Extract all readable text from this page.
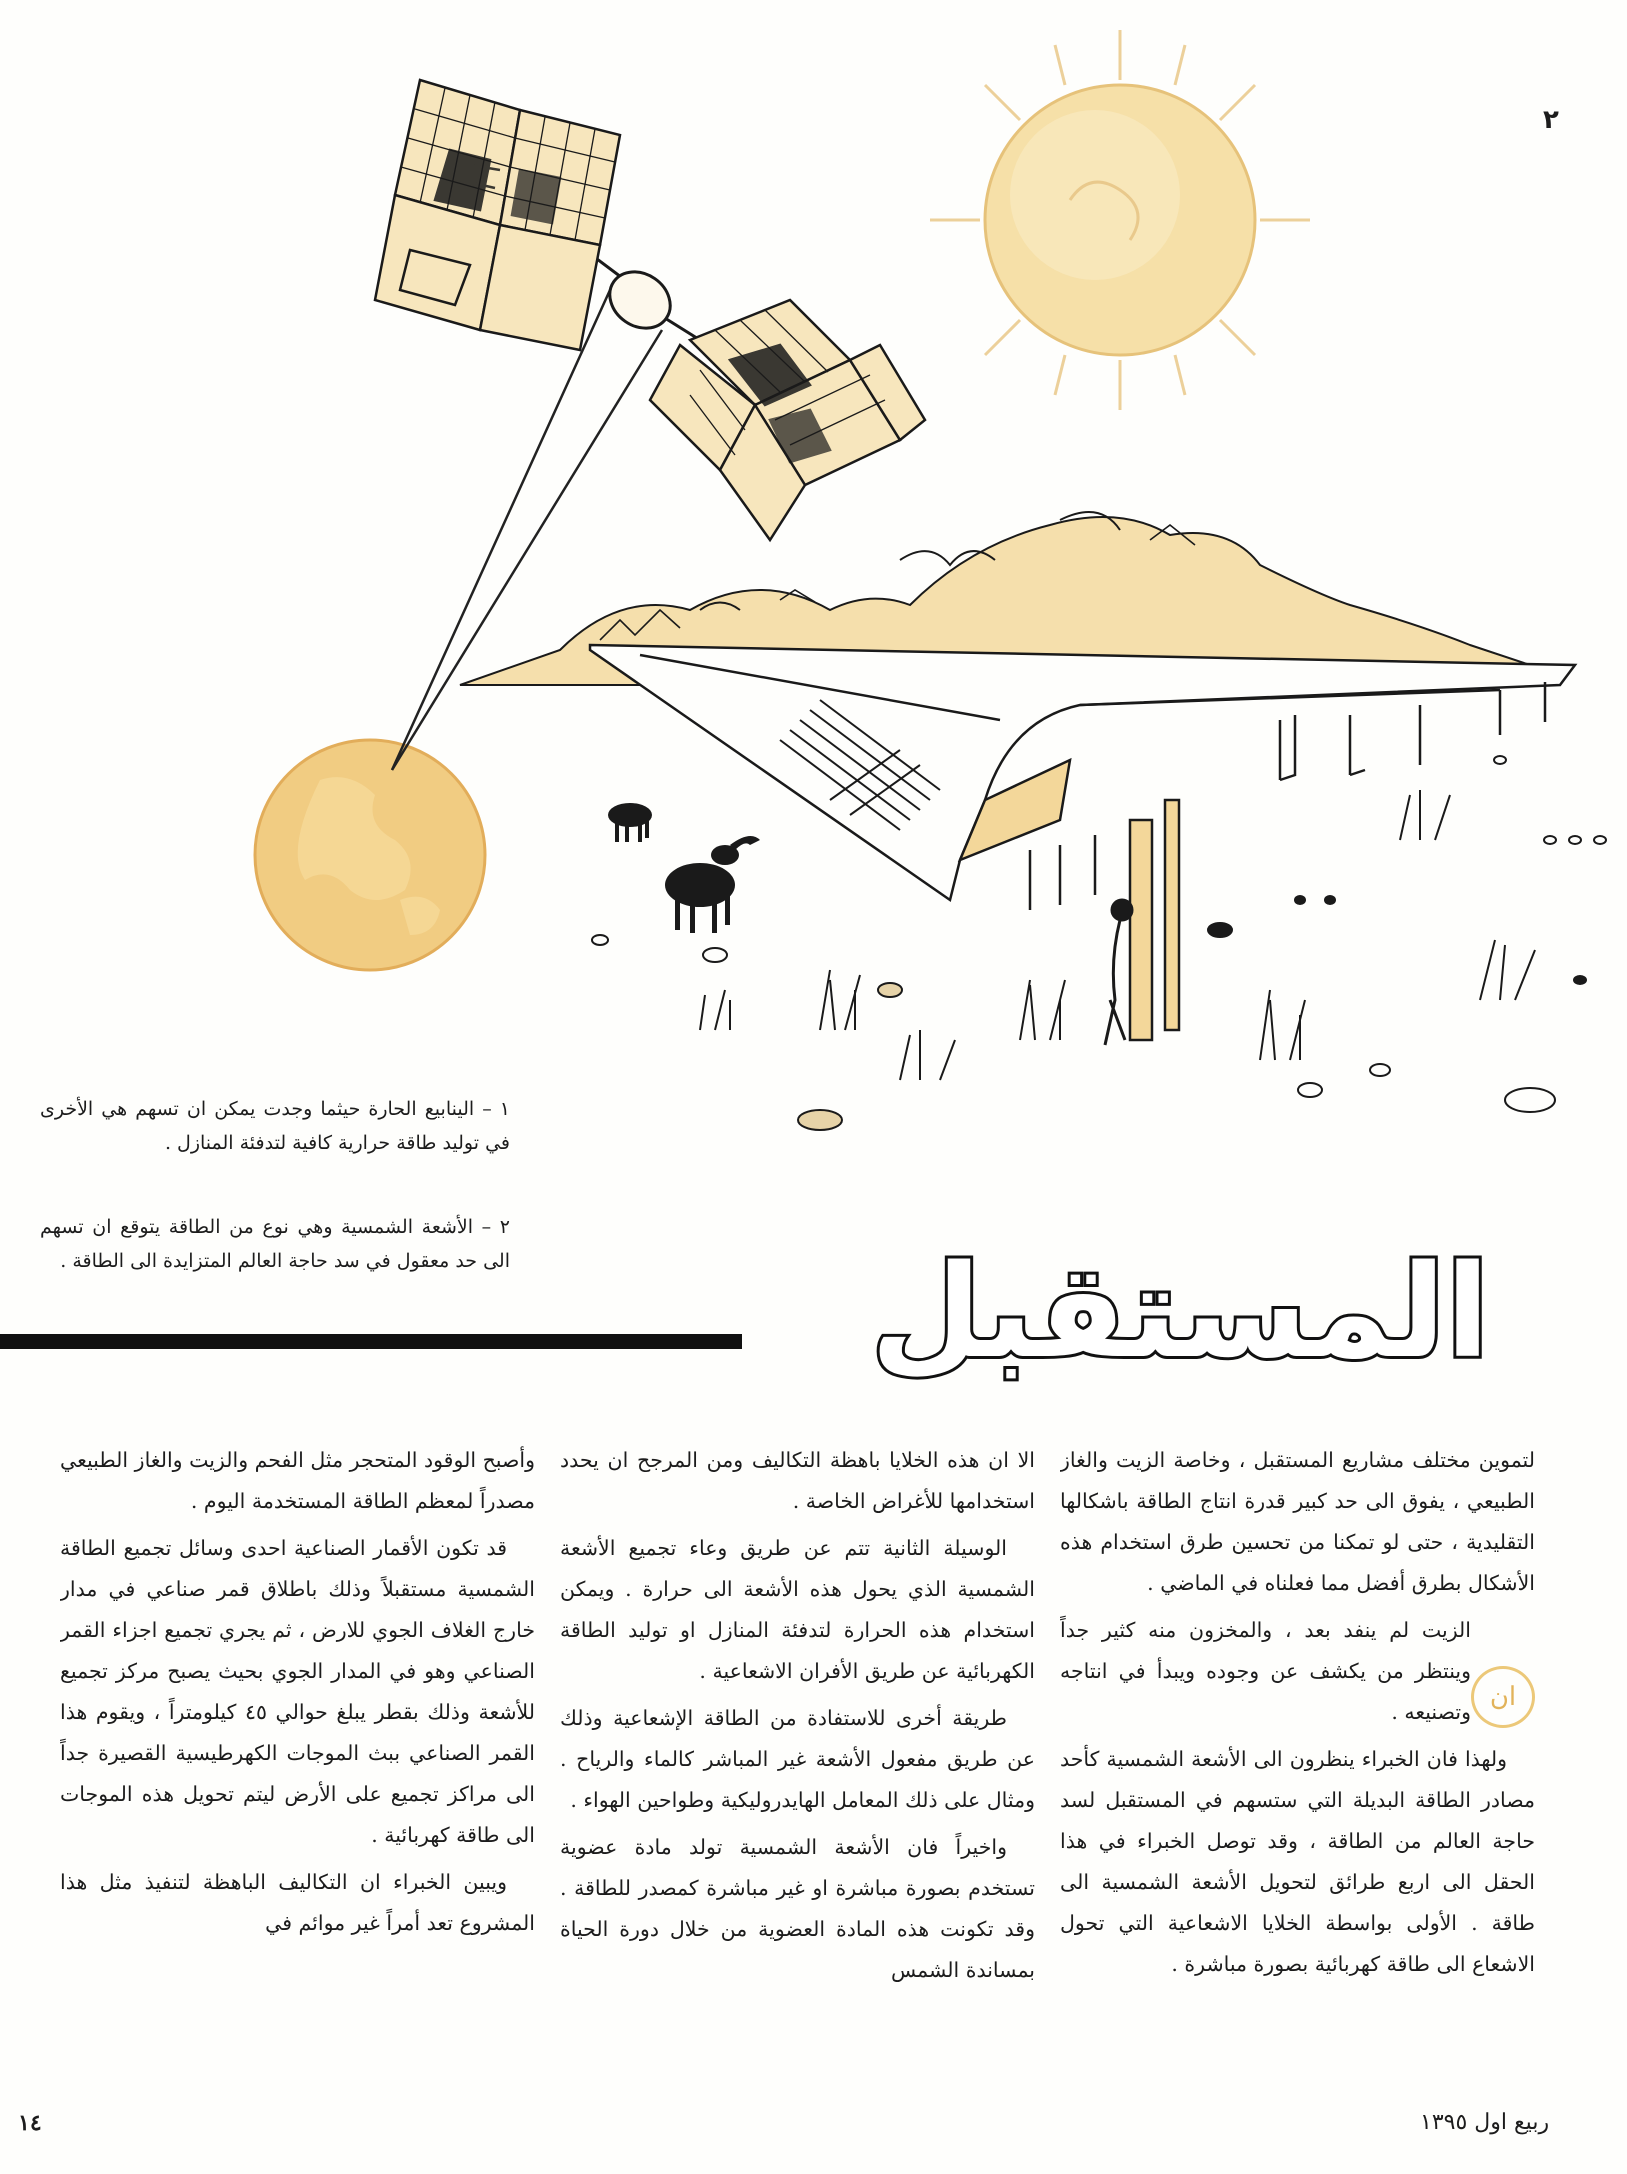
٢
١ – الينابيع الحارة حيثما وجدت يمكن ان تسهم هي الأخرى في توليد طاقة حرارية كافية لتدفئة المنازل .
٢ – الأشعة الشمسية وهي نوع من الطاقة يتوقع ان تسهم الى حد معقول في سد حاجة العالم المتزايدة الى الطاقة .	المستقبل

لتموين مختلف مشاريع المستقبل ، وخاصة الزيت والغاز الطبيعي ، يفوق الى حد كبير قدرة انتاج الطاقة باشكالها التقليدية ، حتى لو تمكنا من تحسين طرق استخدام هذه الأشكال بطرق أفضل مما فعلناه في الماضي .

الزيت لم ينفد بعد ، والمخزون منه كثير جداً وينتظر من يكشف عن وجوده ويبدأ في انتاجه وتصنيعه . ان

ولهذا فان الخبراء ينظرون الى الأشعة الشمسية كأحد مصادر الطاقة البديلة التي ستسهم في المستقبل لسد حاجة العالم من الطاقة ، وقد توصل الخبراء في هذا الحقل الى اربع طرائق لتحويل الأشعة الشمسية الى طاقة . الأولى بواسطة الخلايا الاشعاعية التي تحول الاشعاع الى طاقة كهربائية بصورة مباشرة .

الا ان هذه الخلايا باهظة التكاليف ومن المرجح ان يحدد استخدامها للأغراض الخاصة .

الوسيلة الثانية تتم عن طريق وعاء تجميع الأشعة الشمسية الذي يحول هذه الأشعة الى حرارة . ويمكن استخدام هذه الحرارة لتدفئة المنازل او توليد الطاقة الكهربائية عن طريق الأفران الاشعاعية .

طريقة أخرى للاستفادة من الطاقة الإشعاعية وذلك عن طريق مفعول الأشعة غير المباشر كالماء والرياح . ومثال على ذلك المعامل الهايدروليكية وطواحين الهواء .

واخيراً فان الأشعة الشمسية تولد مادة عضوية تستخدم بصورة مباشرة او غير مباشرة كمصدر للطاقة . وقد تكونت هذه المادة العضوية من خلال دورة الحياة بمساندة الشمس

وأصبح الوقود المتحجر مثل الفحم والزيت والغاز الطبيعي مصدراً لمعظم الطاقة المستخدمة اليوم .

قد تكون الأقمار الصناعية احدى وسائل تجميع الطاقة الشمسية مستقبلاً وذلك باطلاق قمر صناعي في مدار خارج الغلاف الجوي للارض ، ثم يجري تجميع اجزاء القمر الصناعي وهو في المدار الجوي بحيث يصبح مركز تجميع للأشعة وذلك بقطر يبلغ حوالي ٤٥ كيلومتراً ، ويقوم هذا القمر الصناعي ببث الموجات الكهرطيسية القصيرة جداً الى مراكز تجميع على الأرض ليتم تحويل هذه الموجات الى طاقة كهربائية .

ويبين الخبراء ان التكاليف الباهظة لتنفيذ مثل هذا المشروع تعد أمراً غير موائم في

١٤	ربيع اول ١٣٩٥
